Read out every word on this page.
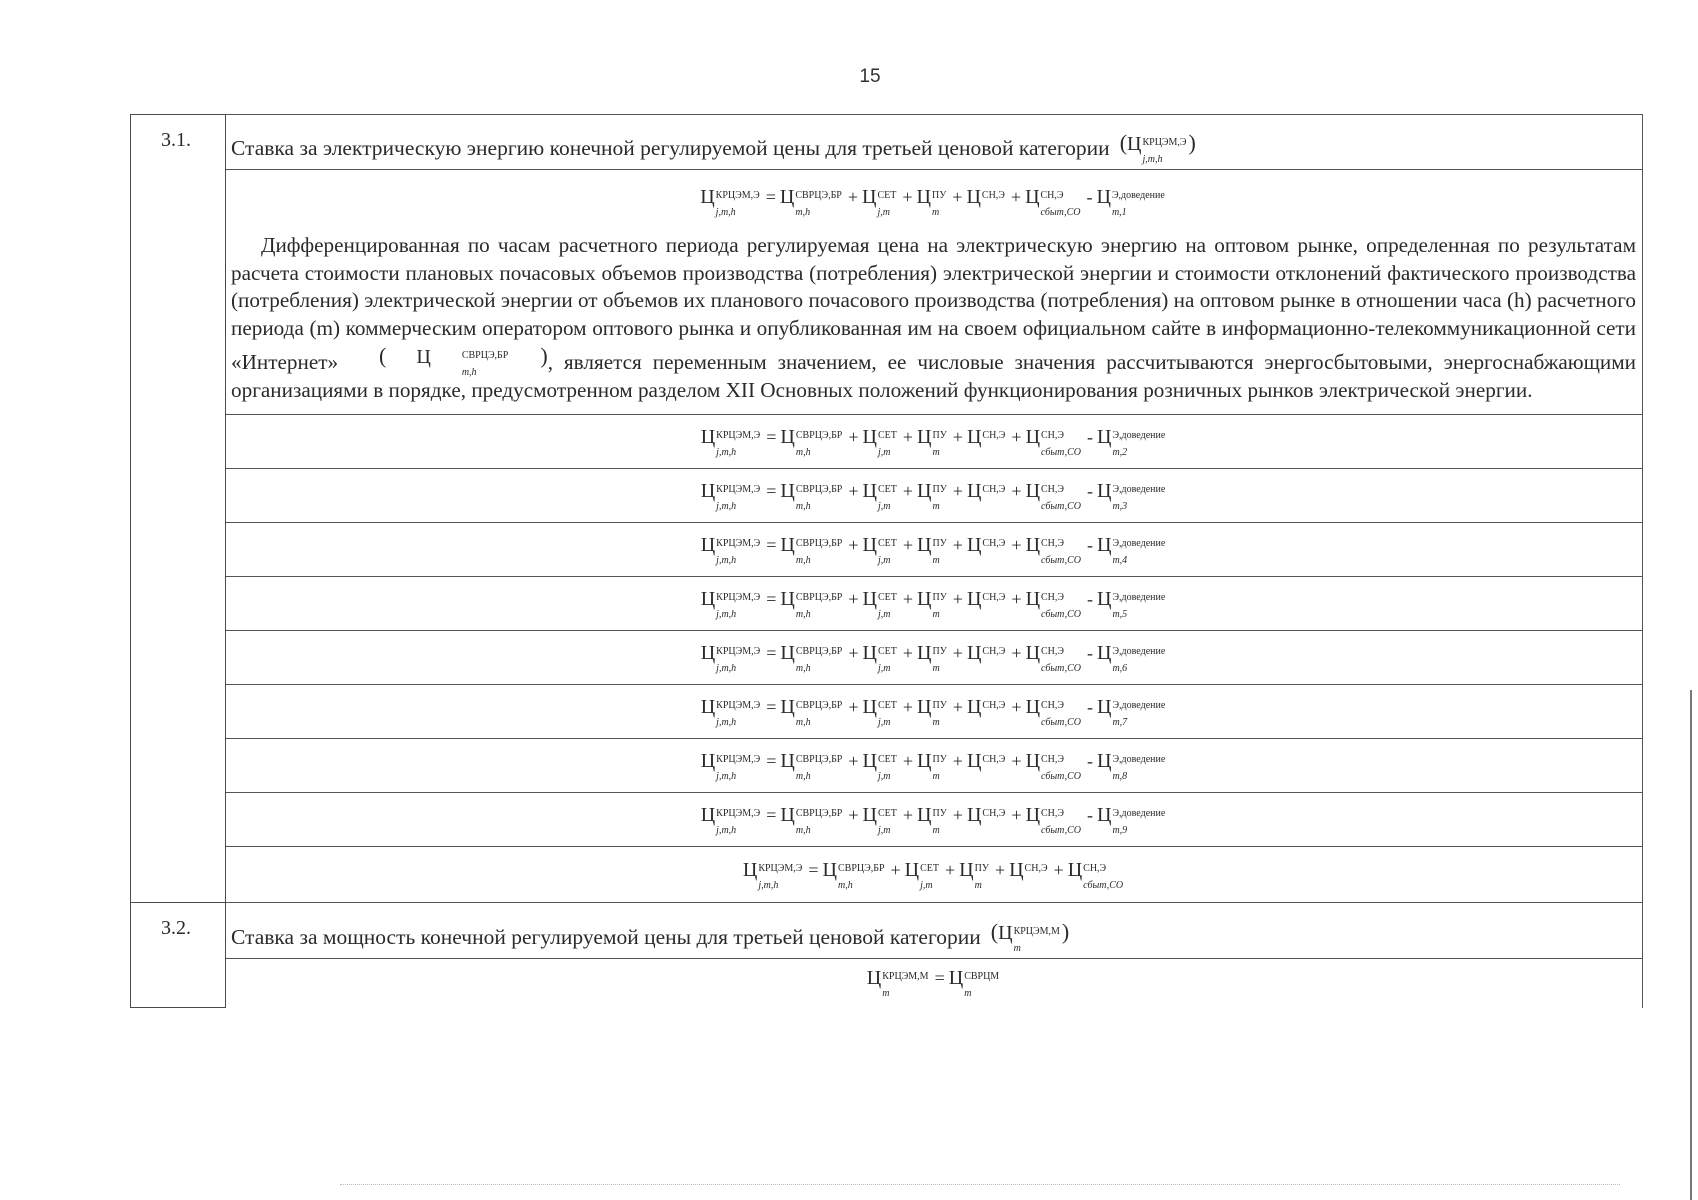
15
3.1.	Ставка за электрическую энергию конечной регулируемой цены для третьей ценовой категории ( Ц КРЦЭМ,Э
j,m,h
)
Ц КРЦЭМ,Э
j,m,h
= Ц СВРЦЭ,БР
m,h
+ Ц СЕТ
j,m
+ Ц ПУ
m
+ Ц СН,Э + Ц СН,Э
сбыт,СО
- Ц Э,доведение
m,1

Дифференцированная по часам расчетного периода регулируемая цена на электрическую энергию на оптовом рынке, определенная по результатам расчета стоимости плановых почасовых объемов производства (потребления) электрической энергии и стоимости отклонений фактического производства (потребления) электрической энергии от объемов их планового почасового производства (потребления) на оптовом рынке в отношении часа (h) расчетного периода (m) коммерческим оператором оптового рынка и опубликованная им на своем официальном сайте в информационно-телекоммуникационной сети «Интернет»	(	Ц	СВРЦЭ,БР
m,h
) , является переменным значением, ее числовые значения рассчитываются энергосбытовыми, энергоснабжающими организациями в порядке, предусмотренном разделом XII Основных положений функционирования розничных рынков электрической энергии.

Ц КРЦЭМ,Э
j,m,h
= Ц СВРЦЭ,БР
m,h
+ Ц СЕТ
j,m
+ Ц ПУ
m
+ Ц СН,Э + Ц СН,Э
сбыт,СО
- Ц Э,доведение
m,2
Ц КРЦЭМ,Э
j,m,h
= Ц СВРЦЭ,БР
m,h
+ Ц СЕТ
j,m
+ Ц ПУ
m
+ Ц СН,Э + Ц СН,Э
сбыт,СО
- Ц Э,доведение
m,3
Ц КРЦЭМ,Э
j,m,h
= Ц СВРЦЭ,БР
m,h
+ Ц СЕТ
j,m
+ Ц ПУ
m
+ Ц СН,Э + Ц СН,Э
сбыт,СО
- Ц Э,доведение
m,4
Ц КРЦЭМ,Э
j,m,h
= Ц СВРЦЭ,БР
m,h
+ Ц СЕТ
j,m
+ Ц ПУ
m
+ Ц СН,Э + Ц СН,Э
сбыт,СО
- Ц Э,доведение
m,5
Ц КРЦЭМ,Э
j,m,h
= Ц СВРЦЭ,БР
m,h
+ Ц СЕТ
j,m
+ Ц ПУ
m
+ Ц СН,Э + Ц СН,Э
сбыт,СО
- Ц Э,доведение
m,6
Ц КРЦЭМ,Э
j,m,h
= Ц СВРЦЭ,БР
m,h
+ Ц СЕТ
j,m
+ Ц ПУ
m
+ Ц СН,Э + Ц СН,Э
сбыт,СО
- Ц Э,доведение
m,7
Ц КРЦЭМ,Э
j,m,h
= Ц СВРЦЭ,БР
m,h
+ Ц СЕТ
j,m
+ Ц ПУ
m
+ Ц СН,Э + Ц СН,Э
сбыт,СО
- Ц Э,доведение
m,8
Ц КРЦЭМ,Э
j,m,h
= Ц СВРЦЭ,БР
m,h
+ Ц СЕТ
j,m
+ Ц ПУ
m
+ Ц СН,Э + Ц СН,Э
сбыт,СО
- Ц Э,доведение
m,9
Ц КРЦЭМ,Э
j,m,h
= Ц СВРЦЭ,БР
m,h
+ Ц СЕТ
j,m
+ Ц ПУ
m
+ Ц СН,Э + Ц СН,Э
сбыт,СО
3.2.	Ставка за мощность конечной регулируемой цены для третьей ценовой категории ( Ц КРЦЭМ,М
m
)
Ц КРЦЭМ,М
m
= Ц СВРЦМ
m
